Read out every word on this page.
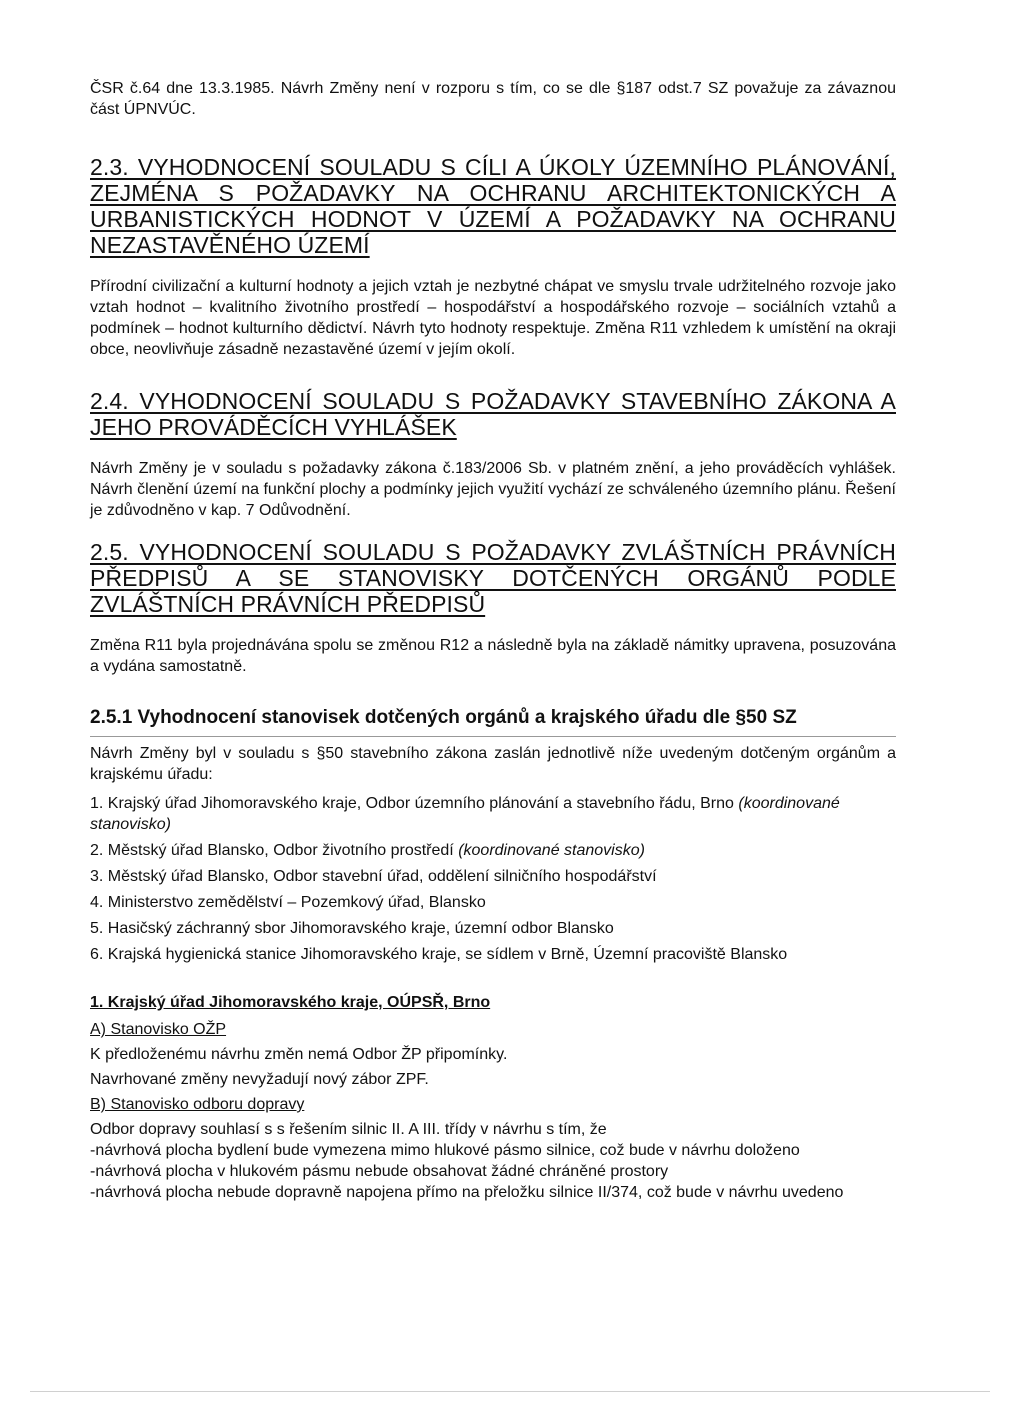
ČSR č.64 dne 13.3.1985. Návrh Změny není v rozporu s tím, co se dle §187 odst.7 SZ považuje za závaznou část ÚPNVÚC.

2.3. VYHODNOCENÍ SOULADU S CÍLI A ÚKOLY ÚZEMNÍHO PLÁNOVÁNÍ, ZEJMÉNA S POŽADAVKY NA OCHRANU ARCHITEKTONICKÝCH A URBANISTICKÝCH HODNOT V ÚZEMÍ A POŽADAVKY NA OCHRANU NEZASTAVĚNÉHO ÚZEMÍ

Přírodní civilizační a kulturní hodnoty a jejich vztah je nezbytné chápat ve smyslu trvale udržitelného rozvoje jako vztah hodnot – kvalitního životního prostředí – hospodářství a hospodářského rozvoje – sociálních vztahů a podmínek – hodnot kulturního dědictví. Návrh tyto hodnoty respektuje. Změna R11 vzhledem k umístění na okraji obce, neovlivňuje zásadně nezastavěné území v jejím okolí.

2.4. VYHODNOCENÍ SOULADU S POŽADAVKY STAVEBNÍHO ZÁKONA A JEHO PROVÁDĚCÍCH VYHLÁŠEK

Návrh Změny je v souladu s požadavky zákona č.183/2006 Sb. v platném znění, a jeho prováděcích vyhlášek. Návrh členění území na funkční plochy a podmínky jejich využití vychází ze schváleného územního plánu. Řešení je zdůvodněno v kap. 7 Odůvodnění.

2.5. VYHODNOCENÍ SOULADU S POŽADAVKY ZVLÁŠTNÍCH PRÁVNÍCH PŘEDPISŮ A SE STANOVISKY DOTČENÝCH ORGÁNŮ PODLE ZVLÁŠTNÍCH PRÁVNÍCH PŘEDPISŮ

Změna R11 byla projednávána spolu se změnou R12 a následně byla na základě námitky upravena, posuzována a vydána samostatně.

2.5.1 Vyhodnocení stanovisek dotčených orgánů a krajského úřadu dle §50 SZ

Návrh Změny byl v souladu s §50 stavebního zákona zaslán jednotlivě níže uvedeným dotčeným orgánům a krajskému úřadu:

1. Krajský úřad Jihomoravského kraje, Odbor územního plánování a stavebního řádu, Brno (koordinované stanovisko)
2. Městský úřad Blansko, Odbor životního prostředí (koordinované stanovisko)
3. Městský úřad Blansko, Odbor stavební úřad, oddělení silničního hospodářství
4. Ministerstvo zemědělství – Pozemkový úřad, Blansko
5. Hasičský záchranný sbor Jihomoravského kraje, územní odbor Blansko
6. Krajská hygienická stanice Jihomoravského kraje, se sídlem v Brně, Územní pracoviště Blansko
1. Krajský úřad Jihomoravského kraje, OÚPSŘ, Brno

A) Stanovisko OŽP

K předloženému návrhu změn nemá Odbor ŽP připomínky.

Navrhované změny nevyžadují nový zábor ZPF.

B) Stanovisko odboru dopravy

Odbor dopravy souhlasí s s řešením silnic II. A III. třídy v návrhu s tím, že

-návrhová plocha bydlení bude vymezena mimo hlukové pásmo silnice, což bude v návrhu doloženo

-návrhová plocha v hlukovém pásmu nebude obsahovat žádné chráněné prostory

-návrhová plocha nebude dopravně napojena přímo na přeložku silnice II/374, což bude v návrhu uvedeno
